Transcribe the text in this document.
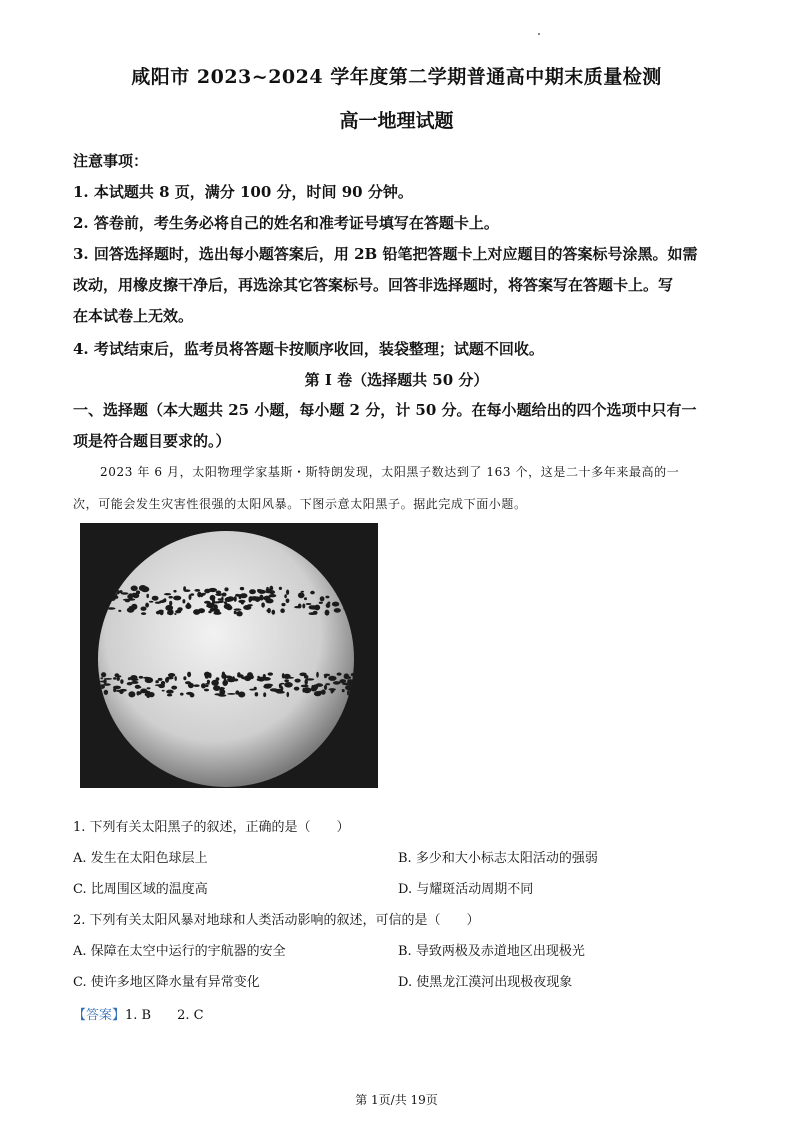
咸阳市 2023~2024 学年度第二学期普通高中期末质量检测
高一地理试题
注意事项：
1. 本试题共 8 页，满分 100 分，时间 90 分钟。
2. 答卷前，考生务必将自己的姓名和准考证号填写在答题卡上。
3. 回答选择题时，选出每小题答案后，用 2B 铅笔把答题卡上对应题目的答案标号涂黑。如需
改动，用橡皮擦干净后，再选涂其它答案标号。回答非选择题时，将答案写在答题卡上。写
在本试卷上无效。
4. 考试结束后，监考员将答题卡按顺序收回，装袋整理；试题不回收。
第 I 卷（选择题共 50 分）
一、选择题（本大题共 25 小题，每小题 2 分，计 50 分。在每小题给出的四个选项中只有一
项是符合题目要求的。）
2023 年 6 月，太阳物理学家基斯・斯特朗发现，太阳黑子数达到了 163 个，这是二十多年来最高的一
次，可能会发生灾害性很强的太阳风暴。下图示意太阳黑子。据此完成下面小题。
1. 下列有关太阳黑子的叙述，正确的是（　　）
A. 发生在太阳色球层上	B. 多少和大小标志太阳活动的强弱
C. 比周围区域的温度高	D. 与耀斑活动周期不同
2. 下列有关太阳风暴对地球和人类活动影响的叙述，可信的是（　　）
A. 保障在太空中运行的宇航器的安全	B. 导致两极及赤道地区出现极光
C. 使许多地区降水量有异常变化	D. 使黑龙江漠河出现极夜现象
【答案】1. B　　2. C
第 1页/共 19页
